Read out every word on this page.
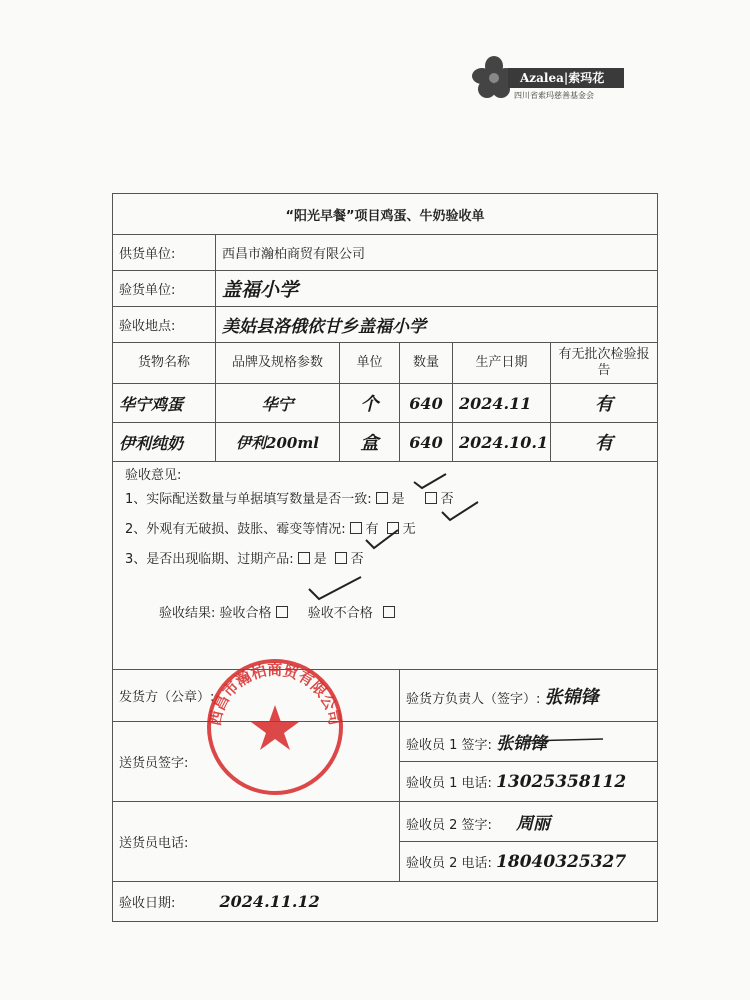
Azalea|索玛花
四川省索玛慈善基金会
“阳光早餐”项目鸡蛋、牛奶验收单					
供货单位:	西昌市瀚柏商贸有限公司				
验货单位:	盖福小学				
验收地点:	美姑县洛俄依甘乡盖福小学				
货物名称	品牌及规格参数	单位	数量	生产日期	有无批次检验报告
华宁鸡蛋	华宁	个	640	2024.11	有
伊利纯奶	伊利200ml	盒	640	2024.10.1	有

验收意见:
1、实际配送数量与单据填写数量是否一致: 是 否
2、外观有无破损、鼓胀、霉变等情况: 有 无
3、是否出现临期、过期产品: 是 否
验收结果: 验收合格 验收不合格					

发货方（公章）:			验货方负责人（签字）: 张锦锋		
送货员签字:			验收员 1 签字: 张锦锋		
			验收员 1 电话: 13025358112		
送货员电话:			验收员 2 签字: 周丽		
			验收员 2 电话: 18040325327		
验收日期: 2024.11.12					
西昌市瀚柏商贸有限公司
